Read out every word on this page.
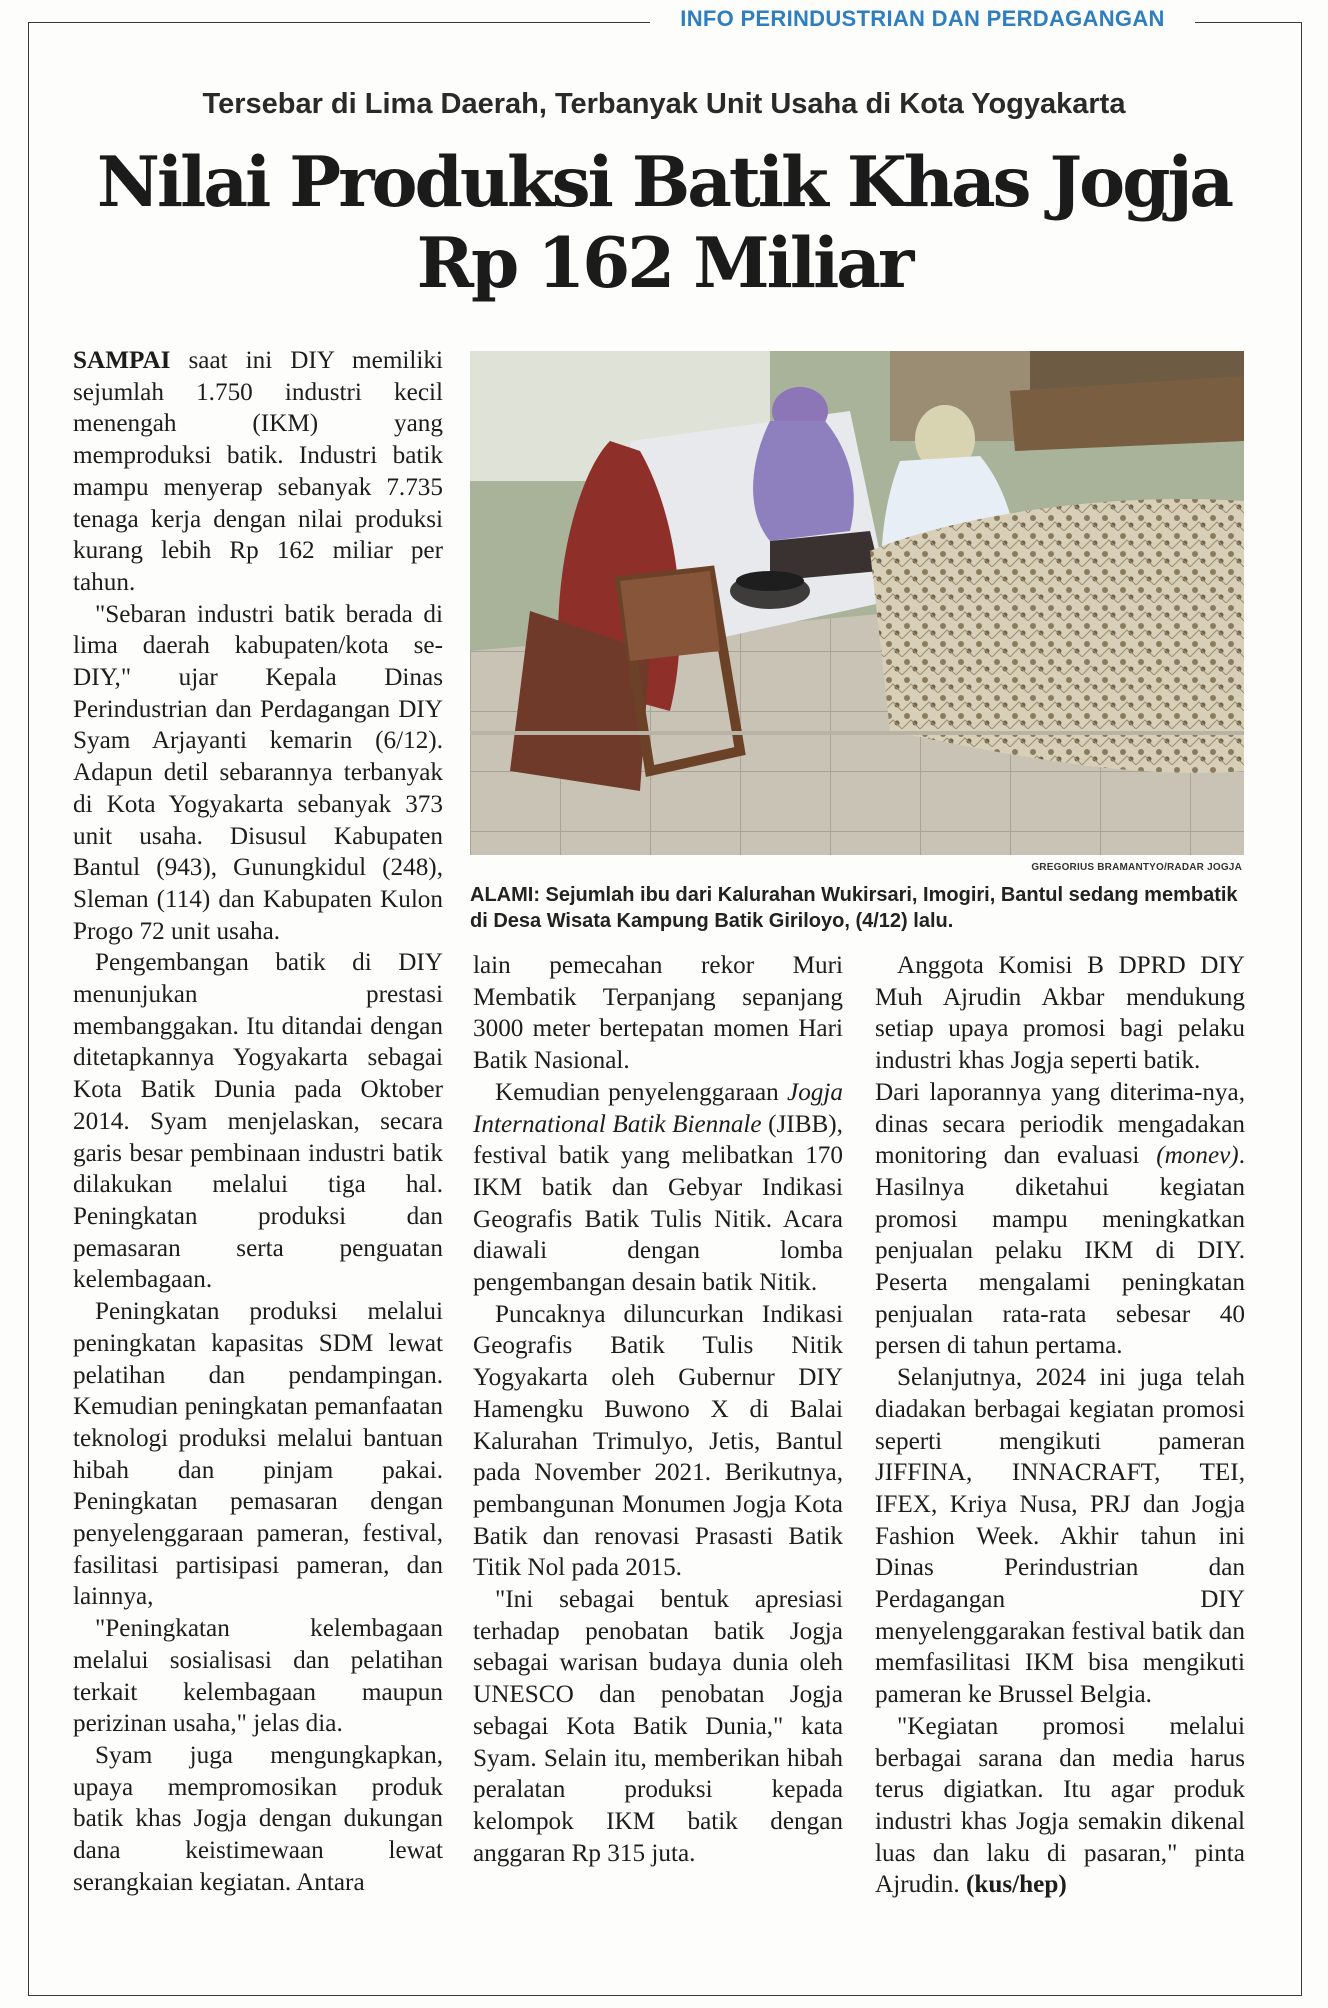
INFO PERINDUSTRIAN DAN PERDAGANGAN
Tersebar di Lima Daerah, Terbanyak Unit Usaha di Kota Yogyakarta
Nilai Produksi Batik Khas Jogja
Rp 162 Miliar

SAMPAI saat ini DIY memiliki sejumlah 1.750 industri kecil menengah (IKM) yang memproduksi batik. Industri batik mampu menyerap sebanyak 7.735 tenaga kerja dengan nilai produksi kurang lebih Rp 162 miliar per tahun.

"Sebaran industri batik berada di lima daerah kabupaten/kota se-DIY," ujar Kepala Dinas Perindustrian dan Perdagangan DIY Syam Arjayanti kemarin (6/12). Adapun detil sebarannya terbanyak di Kota Yogyakarta sebanyak 373 unit usaha. Disusul Kabupaten Bantul (943), Gunungkidul (248), Sleman (114) dan Kabupaten Kulon Progo 72 unit usaha.

Pengembangan batik di DIY menunjukan prestasi membanggakan. Itu ditandai dengan ditetapkannya Yogyakarta sebagai Kota Batik Dunia pada Oktober 2014. Syam menjelaskan, secara garis besar pembinaan industri batik dilakukan melalui tiga hal. Peningkatan produksi dan pemasaran serta penguatan kelembagaan.

Peningkatan produksi melalui peningkatan kapasitas SDM lewat pelatihan dan pendampingan. Kemudian peningkatan pemanfaatan teknologi produksi melalui bantuan hibah dan pinjam pakai. Peningkatan pemasaran dengan penyelenggaraan pameran, festival, fasilitasi partisipasi pameran, dan lainnya,

"Peningkatan kelembagaan melalui sosialisasi dan pelatihan terkait kelembagaan maupun perizinan usaha," jelas dia.

Syam juga mengungkapkan, upaya mempromosikan produk batik khas Jogja dengan dukungan dana keistimewaan lewat serangkaian kegiatan. Antara

GREGORIUS BRAMANTYO/RADAR JOGJA
ALAMI: Sejumlah ibu dari Kalurahan Wukirsari, Imogiri, Bantul sedang membatik di Desa Wisata Kampung Batik Giriloyo, (4/12) lalu.

lain pemecahan rekor Muri Membatik Terpanjang sepanjang 3000 meter bertepatan momen Hari Batik Nasional.

Kemudian penyelenggaraan Jogja International Batik Biennale (JIBB), festival batik yang melibatkan 170 IKM batik dan Gebyar Indikasi Geografis Batik Tulis Nitik. Acara diawali dengan lomba pengembangan desain batik Nitik.

Puncaknya diluncurkan Indikasi Geografis Batik Tulis Nitik Yogyakarta oleh Gubernur DIY Hamengku Buwono X di Balai Kalurahan Trimulyo, Jetis, Bantul pada November 2021. Berikutnya, pembangunan Monumen Jogja Kota Batik dan renovasi Prasasti Batik Titik Nol pada 2015.

"Ini sebagai bentuk apresiasi terhadap penobatan batik Jogja sebagai warisan budaya dunia oleh UNESCO dan penobatan Jogja sebagai Kota Batik Dunia," kata Syam. Selain itu, memberikan hibah peralatan produksi kepada kelompok IKM batik dengan anggaran Rp 315 juta.

Anggota Komisi B DPRD DIY Muh Ajrudin Akbar mendukung setiap upaya promosi bagi pelaku industri khas Jogja seperti batik.

Dari laporannya yang diterima-nya, dinas secara periodik mengadakan monitoring dan evaluasi (monev). Hasilnya diketahui kegiatan promosi mampu meningkatkan penjualan pelaku IKM di DIY. Peserta mengalami peningkatan penjualan rata-rata sebesar 40 persen di tahun pertama.

Selanjutnya, 2024 ini juga telah diadakan berbagai kegiatan promosi seperti mengikuti pameran JIFFINA, INNACRAFT, TEI, IFEX, Kriya Nusa, PRJ dan Jogja Fashion Week. Akhir tahun ini Dinas Perindustrian dan Perdagangan DIY menyelenggarakan festival batik dan memfasilitasi IKM bisa mengikuti pameran ke Brussel Belgia.

"Kegiatan promosi melalui berbagai sarana dan media harus terus digiatkan. Itu agar produk industri khas Jogja semakin dikenal luas dan laku di pasaran," pinta Ajrudin. (kus/hep)
